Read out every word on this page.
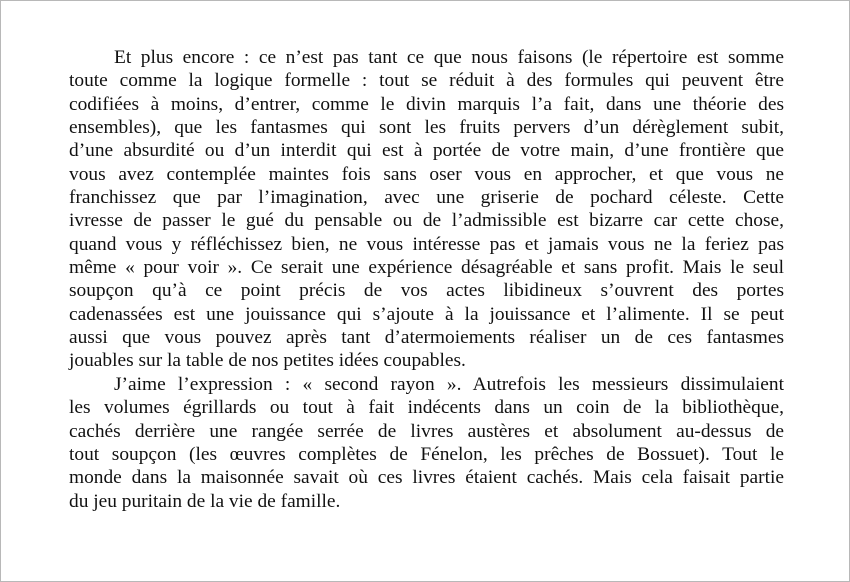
Et plus encore : ce n’est pas tant ce que nous faisons (le répertoire est somme
toute comme la logique formelle : tout se réduit à des formules qui peuvent être
codifiées à moins, d’entrer, comme le divin marquis l’a fait, dans une théorie des
ensembles), que les fantasmes qui sont les fruits pervers d’un dérèglement subit,
d’une absurdité ou d’un interdit qui est à portée de votre main, d’une frontière que
vous avez contemplée maintes fois sans oser vous en approcher, et que vous ne
franchissez que par l’imagination, avec une griserie de pochard céleste. Cette
ivresse de passer le gué du pensable ou de l’admissible est bizarre car cette chose,
quand vous y réfléchissez bien, ne vous intéresse pas et jamais vous ne la feriez pas
même « pour voir ». Ce serait une expérience désagréable et sans profit. Mais le seul
soupçon qu’à ce point précis de vos actes libidineux s’ouvrent des portes
cadenassées est une jouissance qui s’ajoute à la jouissance et l’alimente. Il se peut
aussi que vous pouvez après tant d’atermoiements réaliser un de ces fantasmes
jouables sur la table de nos petites idées coupables.
J’aime l’expression : « second rayon ». Autrefois les messieurs dissimulaient
les volumes égrillards ou tout à fait indécents dans un coin de la bibliothèque,
cachés derrière une rangée serrée de livres austères et absolument au-dessus de
tout soupçon (les œuvres complètes de Fénelon, les prêches de Bossuet). Tout le
monde dans la maisonnée savait où ces livres étaient cachés. Mais cela faisait partie
du jeu puritain de la vie de famille.
